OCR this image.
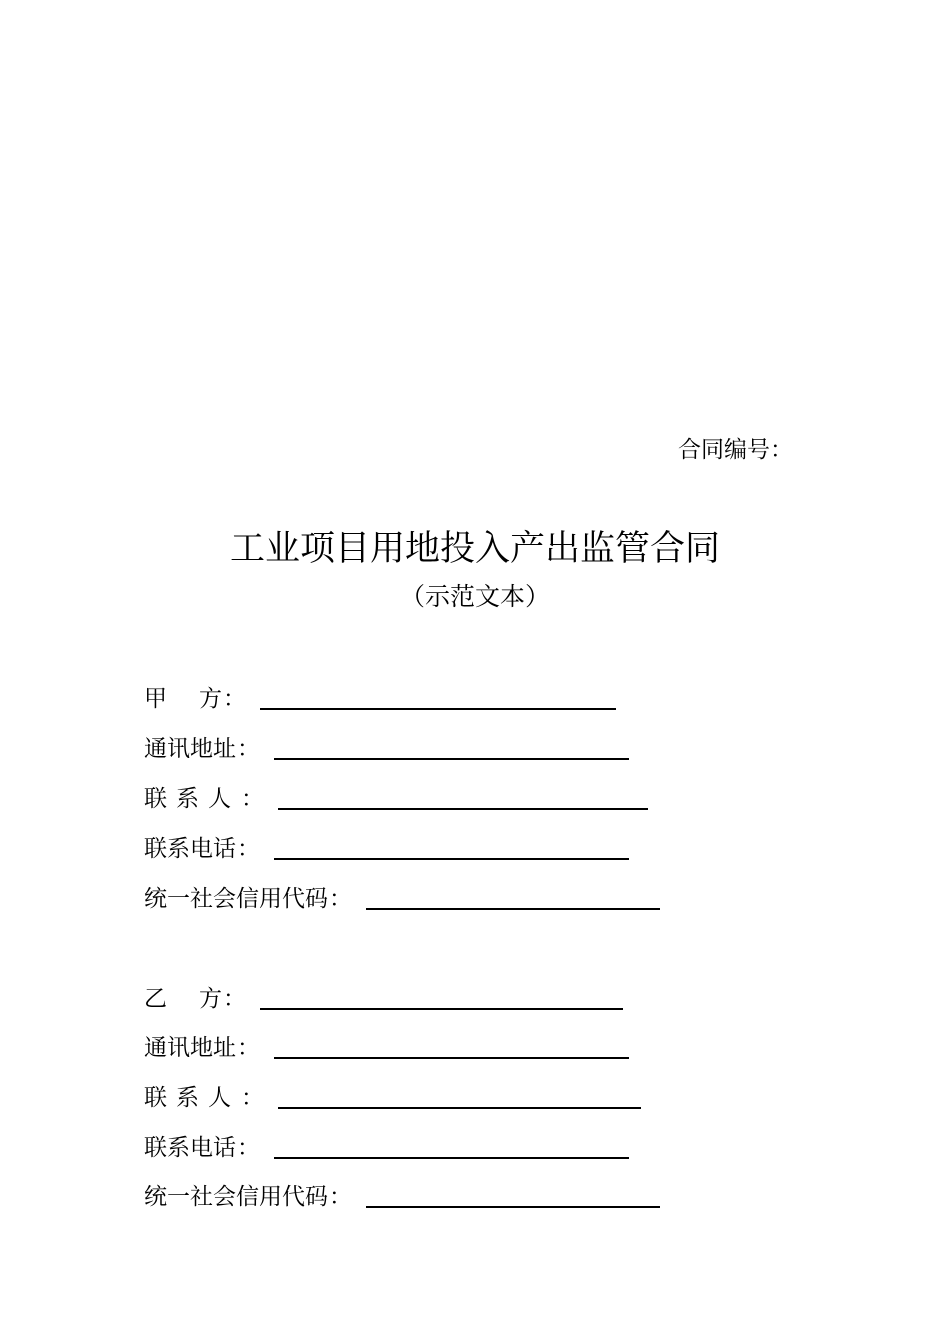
合同编号：
工业项目用地投入产出监管合同
（示范文本）
甲 方 ：
通讯地址 ：
联系人 ：
联系电话 ：
统一社会信用代码 ：
乙 方 ：
通讯地址 ：
联系人 ：
联系电话 ：
统一社会信用代码 ：
